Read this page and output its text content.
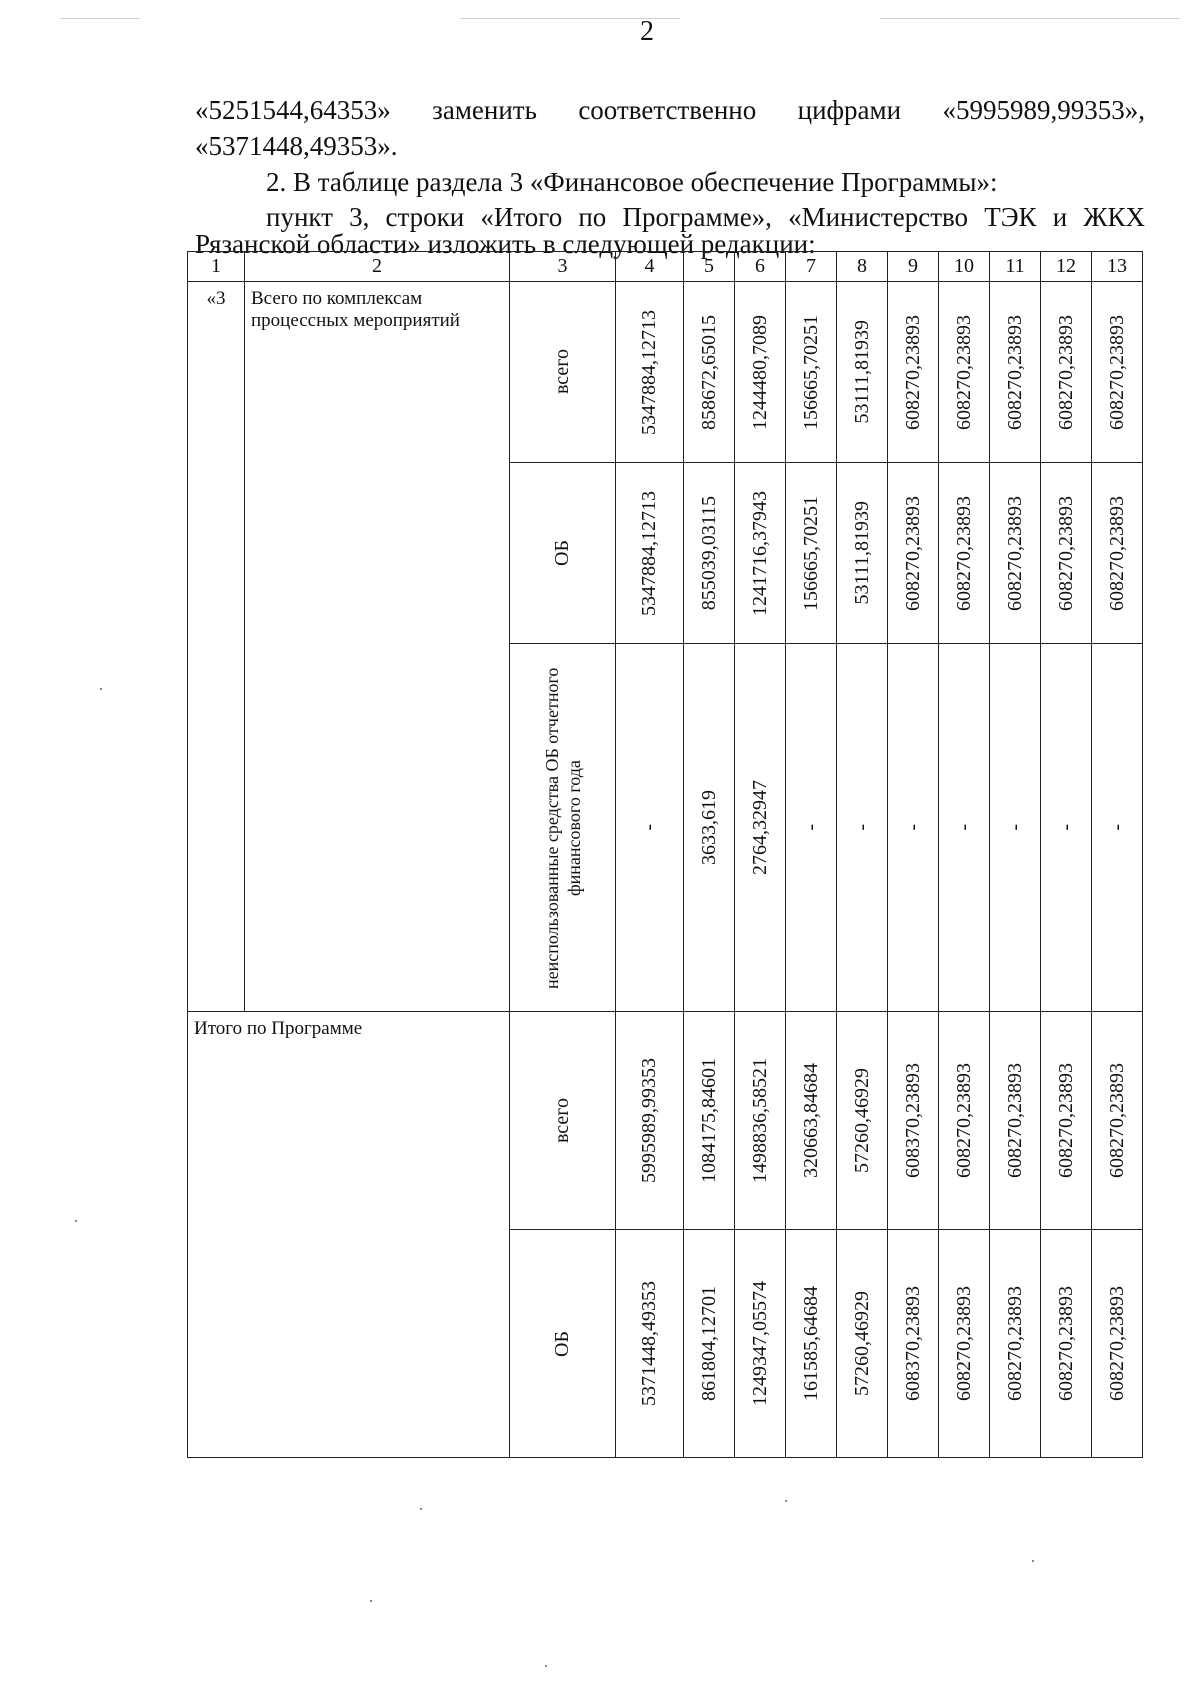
2
«5251544,64353» заменить соответственно цифрами «5995989,99353»,
«5371448,49353».
2. В таблице раздела 3 «Финансовое обеспечение Программы»:
пункт 3, строки «Итого по Программе», «Министерство ТЭК и ЖКХ
Рязанской области» изложить в следующей редакции:
1	2	3	4	5	6	7	8	9	10	11	12	13

«3	Всего по комплексам процессных мероприятий	всего	5347884,12713	858672,65015	1244480,7089	156665,70251	53111,81939	608270,23893	608270,23893	608270,23893	608270,23893	608270,23893

		ОБ	5347884,12713	855039,03115	1241716,37943	156665,70251	53111,81939	608270,23893	608270,23893	608270,23893	608270,23893	608270,23893

		неиспользованные средства ОБ отчетного финансового года	-	3633,619	2764,32947	-	-	-	-	-	-	-

Итого по Программе		всего	5995989,99353	1084175,84601	1498836,58521	320663,84684	57260,46929	608370,23893	608270,23893	608270,23893	608270,23893	608270,23893

		ОБ	5371448,49353	861804,12701	1249347,05574	161585,64684	57260,46929	608370,23893	608270,23893	608270,23893	608270,23893	608270,23893
